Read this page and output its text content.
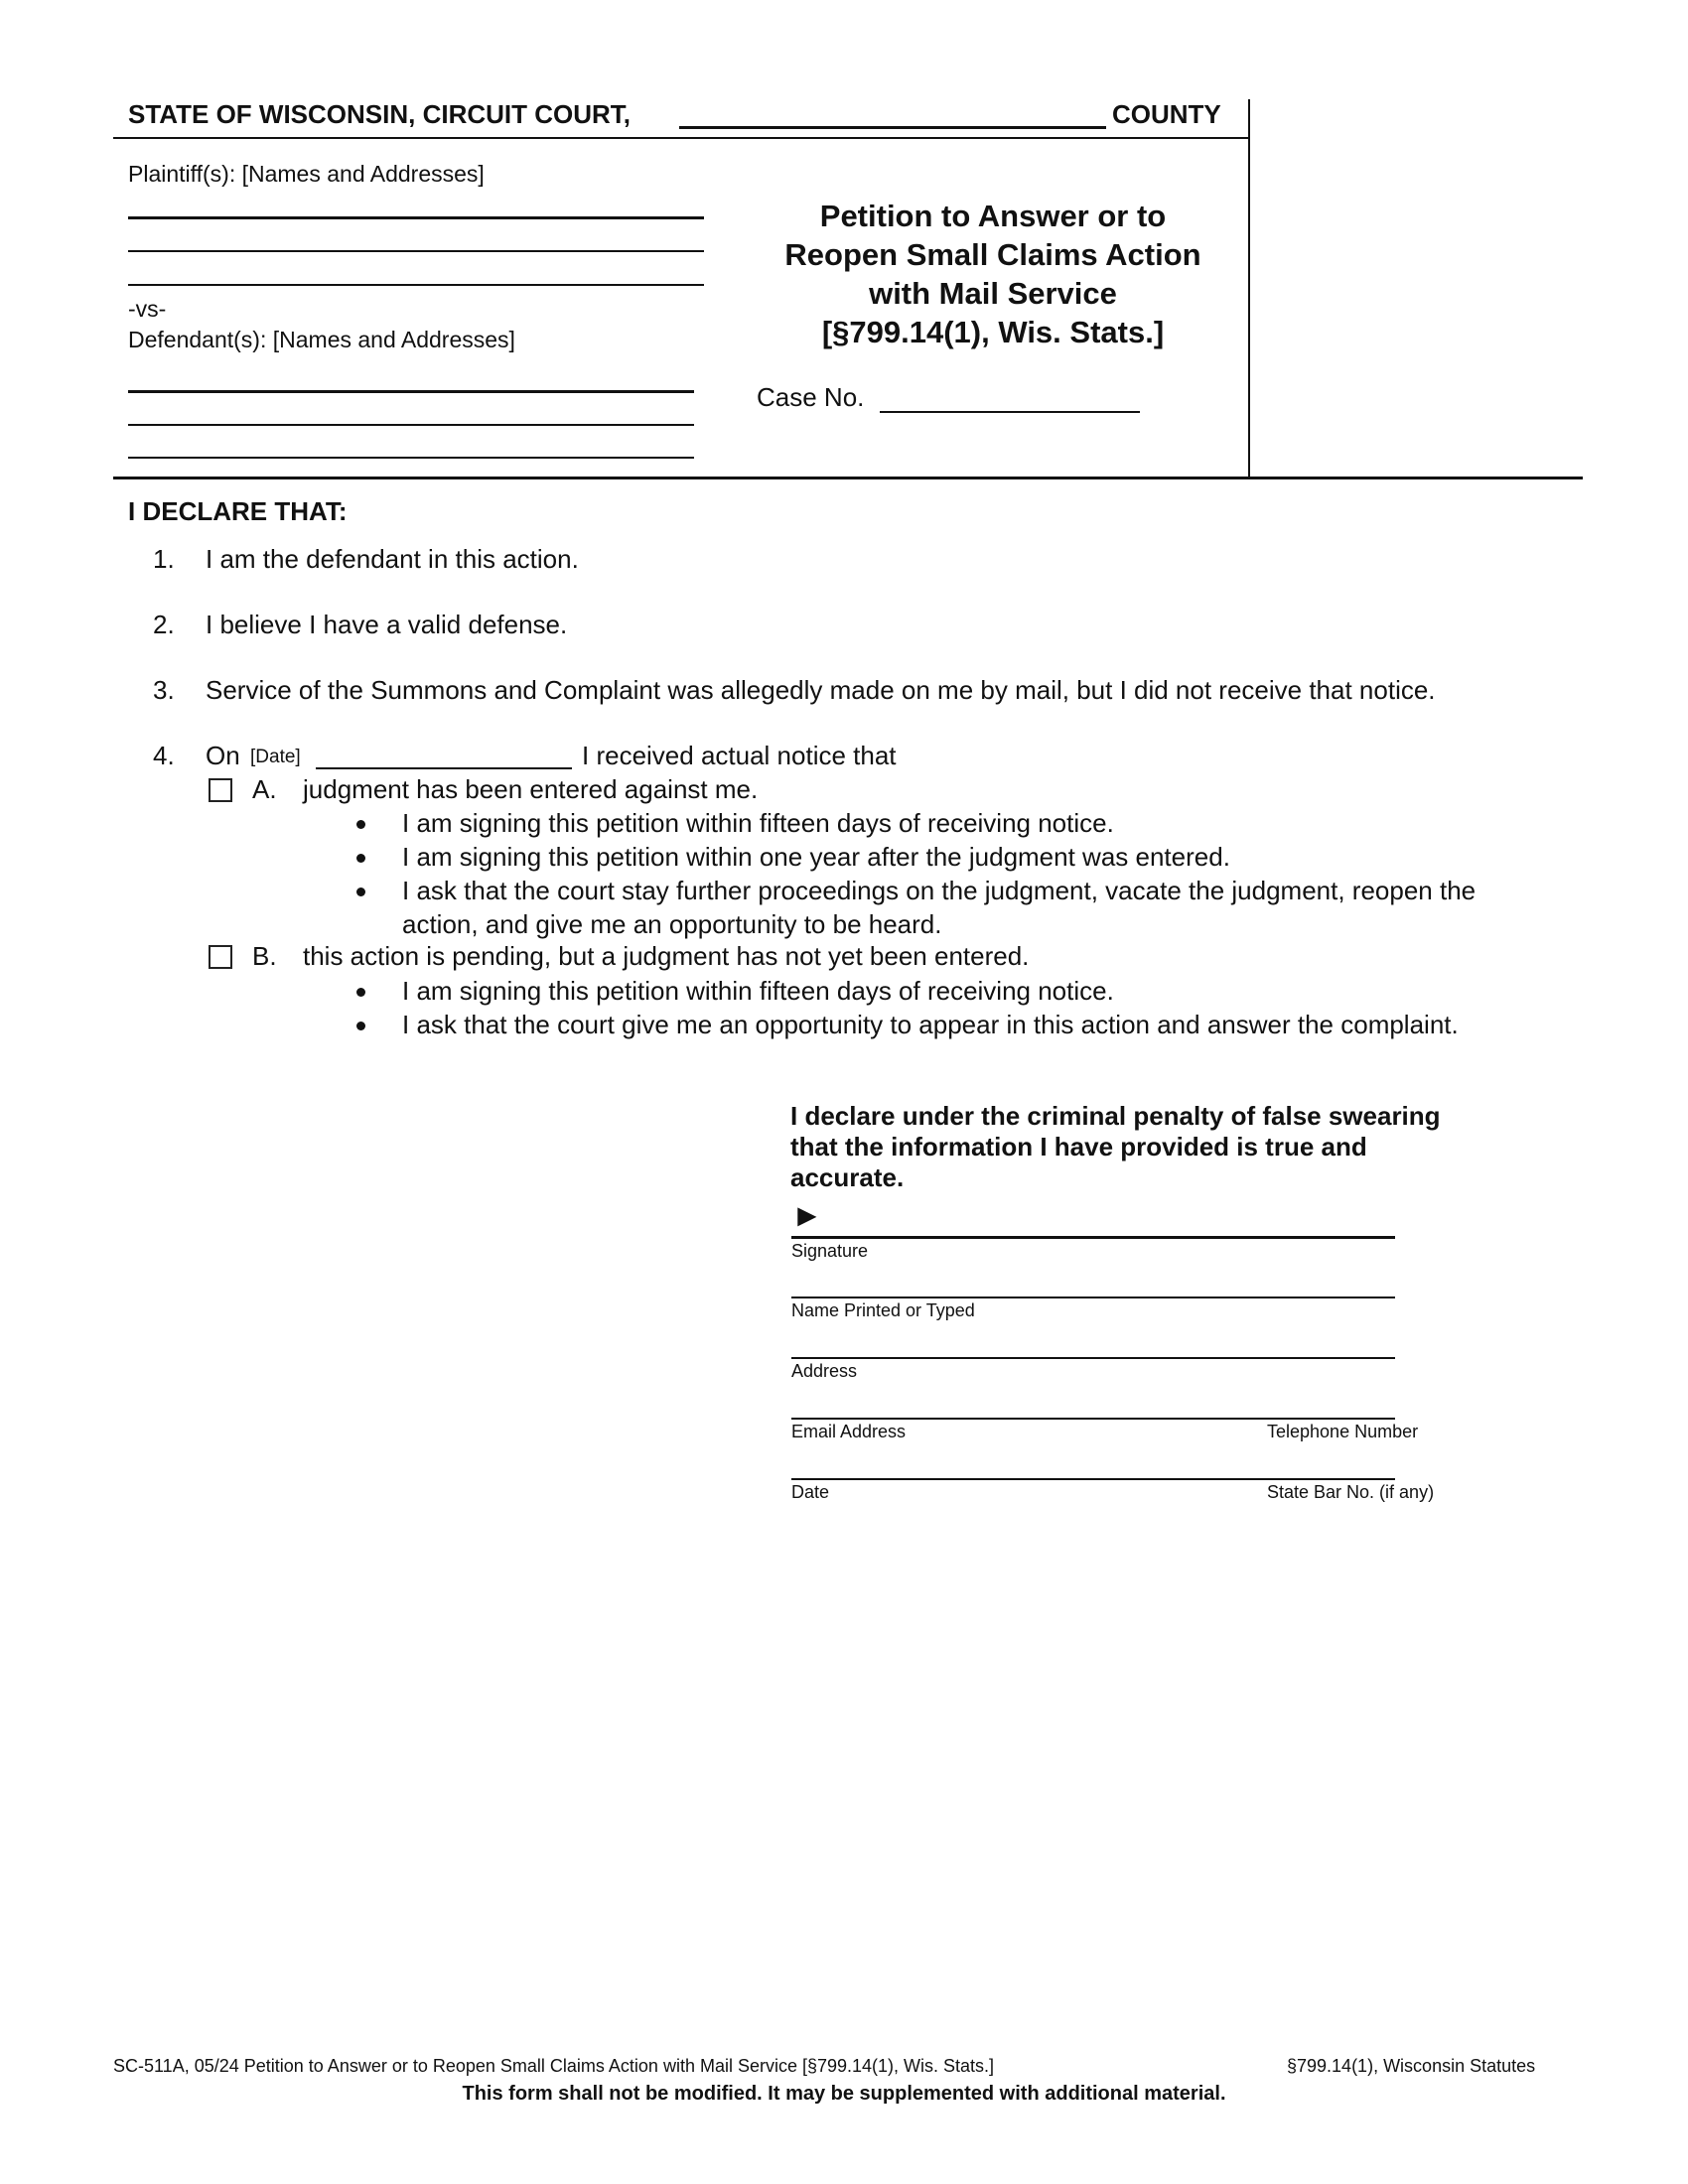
STATE OF WISCONSIN, CIRCUIT COURT,	COUNTY
Plaintiff(s): [Names and Addresses]
-vs-
Defendant(s): [Names and Addresses]
Petition to Answer or to
Reopen Small Claims Action
with Mail Service
[§799.14(1), Wis. Stats.]
Case No.
I DECLARE THAT:
1. I am the defendant in this action.
2. I believe I have a valid defense.
3. Service of the Summons and Complaint was allegedly made on me by mail, but I did not receive that notice.
4. On [Date]	I received actual notice that
A. judgment has been entered against me.
I am signing this petition within fifteen days of receiving notice.
I am signing this petition within one year after the judgment was entered.
I ask that the court stay further proceedings on the judgment, vacate the judgment, reopen the
action, and give me an opportunity to be heard.
B. this action is pending, but a judgment has not yet been entered.
I am signing this petition within fifteen days of receiving notice.
I ask that the court give me an opportunity to appear in this action and answer the complaint.
I declare under the criminal penalty of false swearing
that the information I have provided is true and
accurate.
►
Signature
Name Printed or Typed
Address
Email Address	Telephone Number
Date	State Bar No. (if any)
SC-511A, 05/24 Petition to Answer or to Reopen Small Claims Action with Mail Service [§799.14(1), Wis. Stats.]	§799.14(1), Wisconsin Statutes
This form shall not be modified. It may be supplemented with additional material.
